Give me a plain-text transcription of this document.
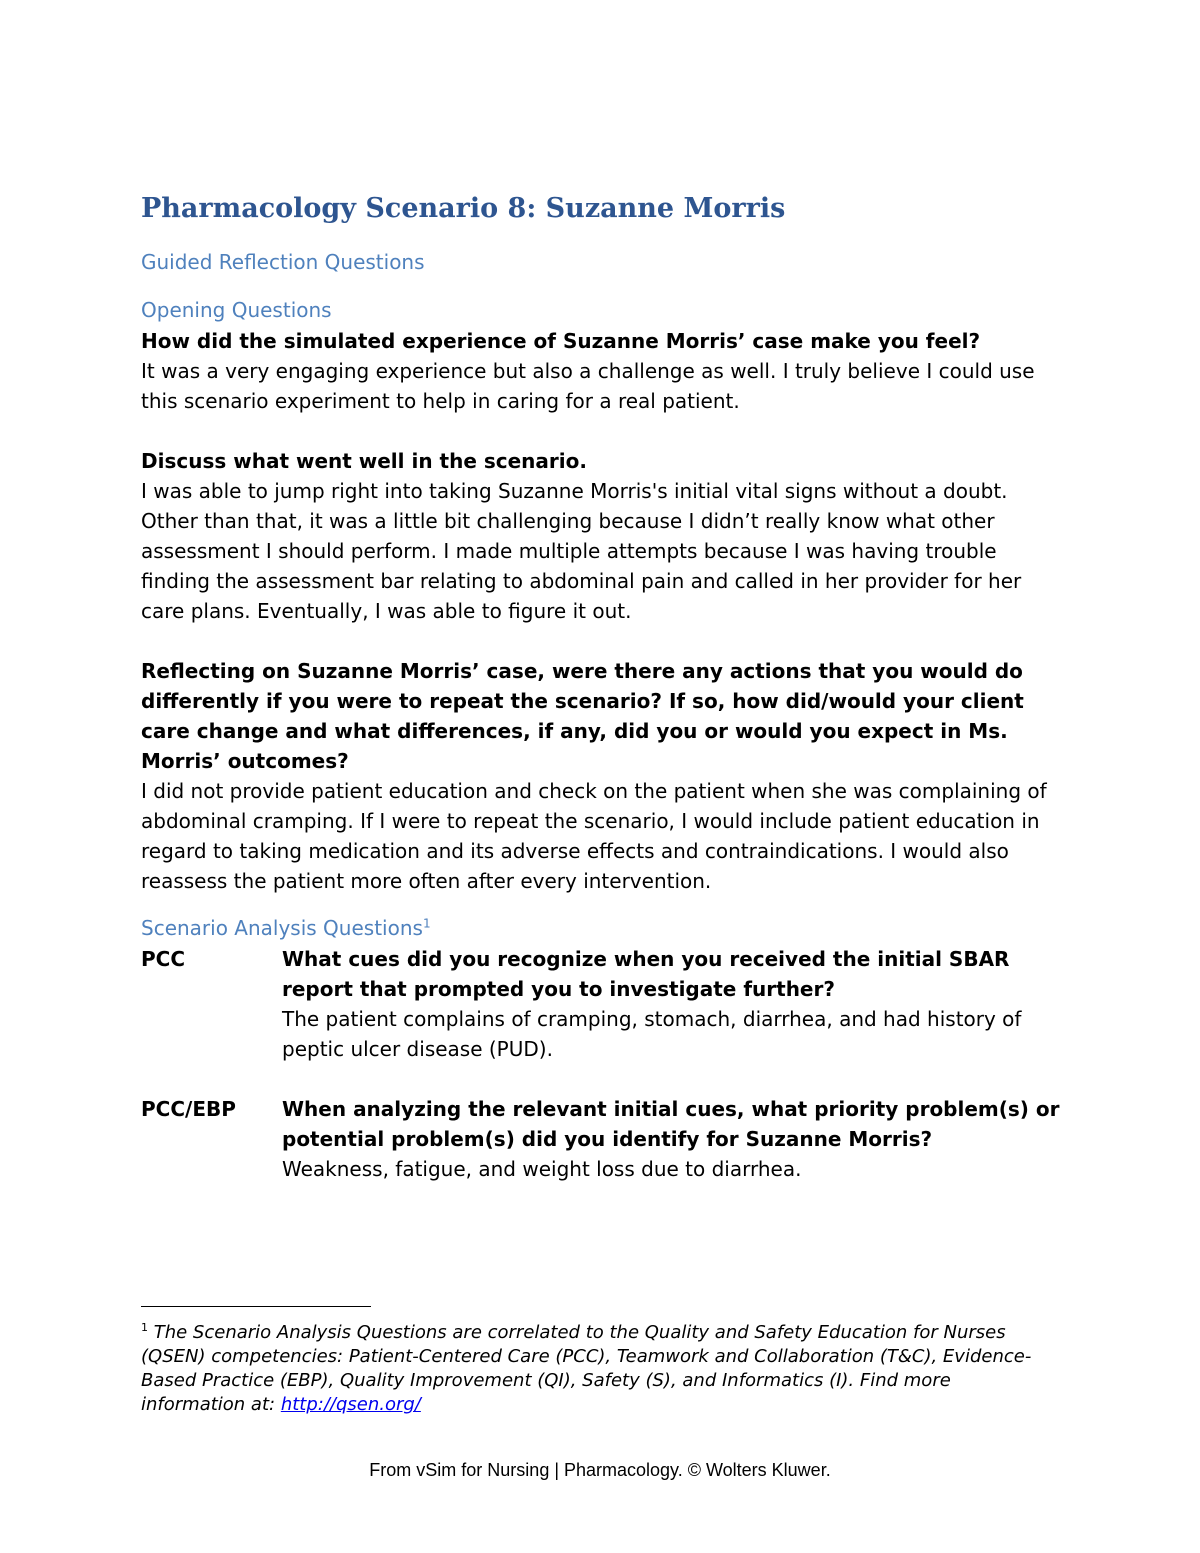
Pharmacology Scenario 8: Suzanne Morris
Guided Reflection Questions
Opening Questions

How did the simulated experience of Suzanne Morris’ case make you feel?

It was a very engaging experience but also a challenge as well. I truly believe I could use this scenario experiment to help in caring for a real patient.

Discuss what went well in the scenario.

I was able to jump right into taking Suzanne Morris's initial vital signs without a doubt. Other than that, it was a little bit challenging because I didn’t really know what other assessment I should perform. I made multiple attempts because I was having trouble finding the assessment bar relating to abdominal pain and called in her provider for her care plans. Eventually, I was able to figure it out.

Reflecting on Suzanne Morris’ case, were there any actions that you would do differently if you were to repeat the scenario? If so, how did/would your client care change and what differences, if any, did you or would you expect in Ms. Morris’ outcomes?

I did not provide patient education and check on the patient when she was complaining of abdominal cramping. If I were to repeat the scenario, I would include patient education in regard to taking medication and its adverse effects and contraindications. I would also reassess the patient more often after every intervention.

Scenario Analysis Questions$^1$
PCC	What cues did you recognize when you received the initial SBAR report that prompted you to investigate further?

The patient complains of cramping, stomach, diarrhea, and had history of peptic ulcer disease (PUD).

PCC/EBP	When analyzing the relevant initial cues, what priority problem(s) or potential problem(s) did you identify for Suzanne Morris?

Weakness, fatigue, and weight loss due to diarrhea.

$^1$ The Scenario Analysis Questions are correlated to the Quality and Safety Education for Nurses (QSEN) competencies: Patient-Centered Care (PCC), Teamwork and Collaboration (T&C), Evidence-Based Practice (EBP), Quality Improvement (QI), Safety (S), and Informatics (I). Find more information at: http://qsen.org/
From vSim for Nursing | Pharmacology. © Wolters Kluwer.
